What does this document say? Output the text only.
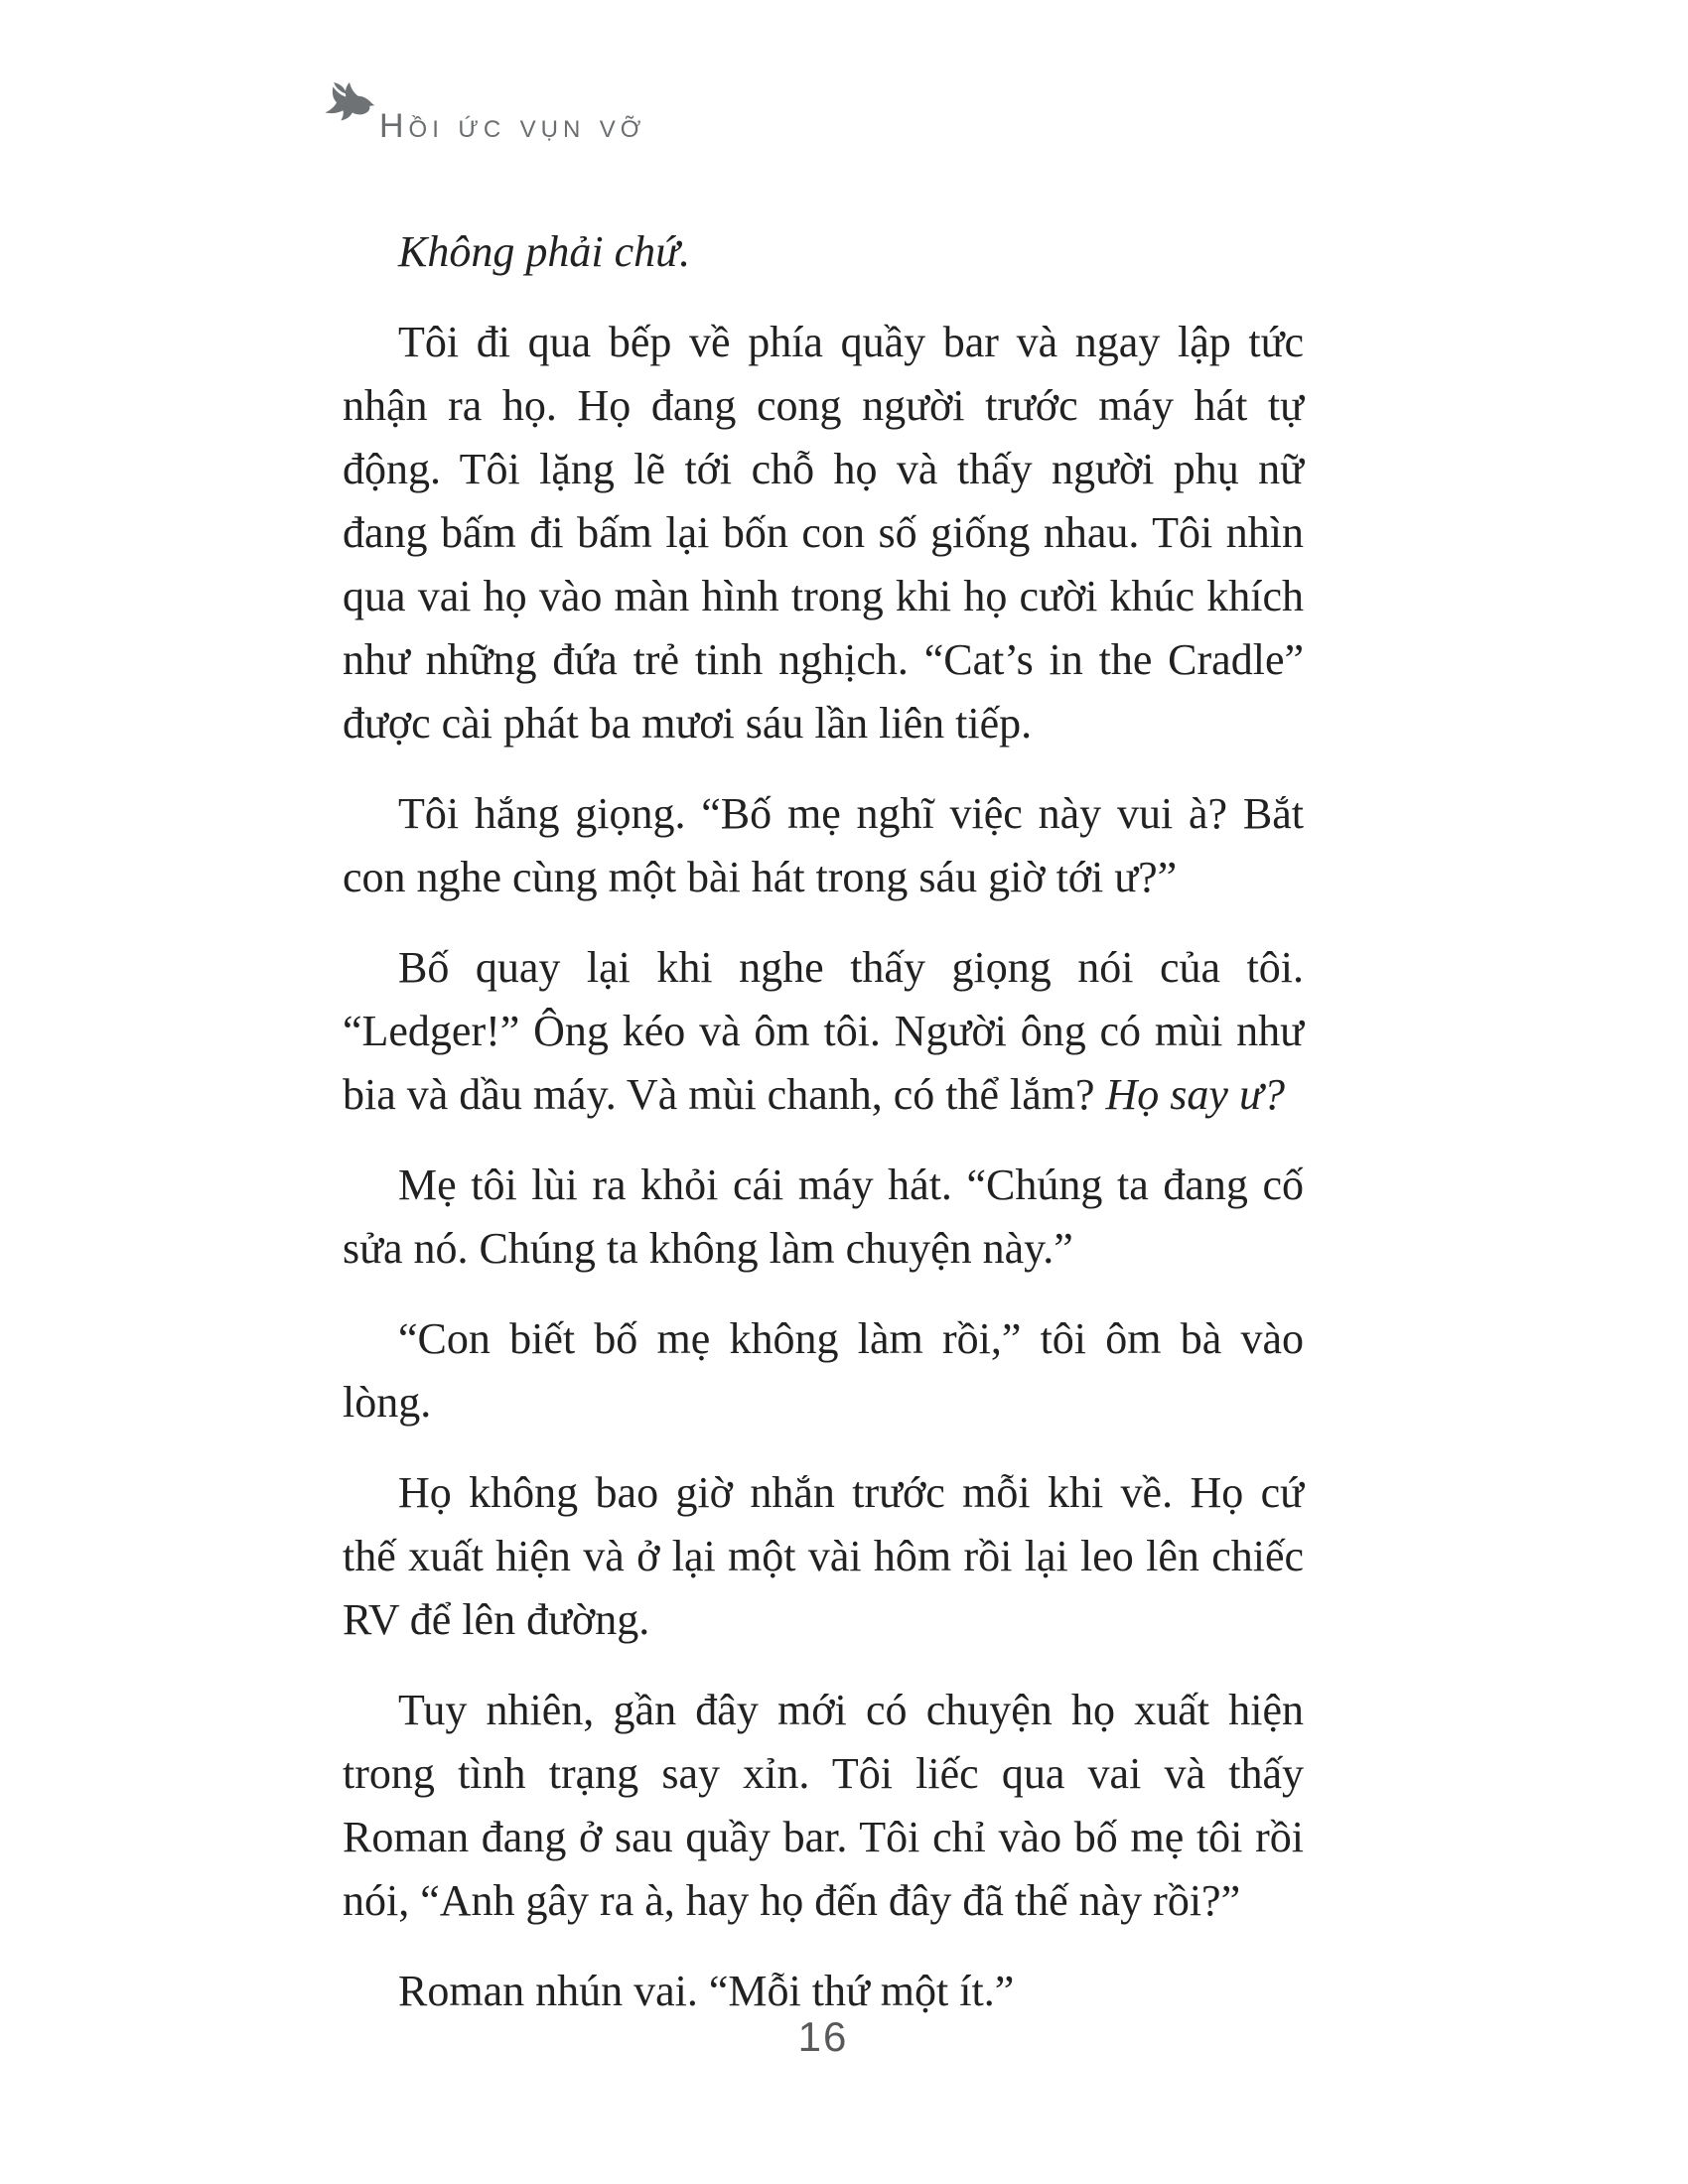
Hồi ức vụn vỡ

Không phải chứ.

Tôi đi qua bếp về phía quầy bar và ngay lập tức nhận ra họ. Họ đang cong người trước máy hát tự động. Tôi lặng lẽ tới chỗ họ và thấy người phụ nữ đang bấm đi bấm lại bốn con số giống nhau. Tôi nhìn qua vai họ vào màn hình trong khi họ cười khúc khích như những đứa trẻ tinh nghịch. “Cat’s in the Cradle” được cài phát ba mươi sáu lần liên tiếp.

Tôi hắng giọng. “Bố mẹ nghĩ việc này vui à? Bắt con nghe cùng một bài hát trong sáu giờ tới ư?”

Bố quay lại khi nghe thấy giọng nói của tôi. “Ledger!” Ông kéo và ôm tôi. Người ông có mùi như bia và dầu máy. Và mùi chanh, có thể lắm? Họ say ư?

Mẹ tôi lùi ra khỏi cái máy hát. “Chúng ta đang cố sửa nó. Chúng ta không làm chuyện này.”

“Con biết bố mẹ không làm rồi,” tôi ôm bà vào lòng.

Họ không bao giờ nhắn trước mỗi khi về. Họ cứ thế xuất hiện và ở lại một vài hôm rồi lại leo lên chiếc RV để lên đường.

Tuy nhiên, gần đây mới có chuyện họ xuất hiện trong tình trạng say xỉn. Tôi liếc qua vai và thấy Roman đang ở sau quầy bar. Tôi chỉ vào bố mẹ tôi rồi nói, “Anh gây ra à, hay họ đến đây đã thế này rồi?”

Roman nhún vai. “Mỗi thứ một ít.”

16
